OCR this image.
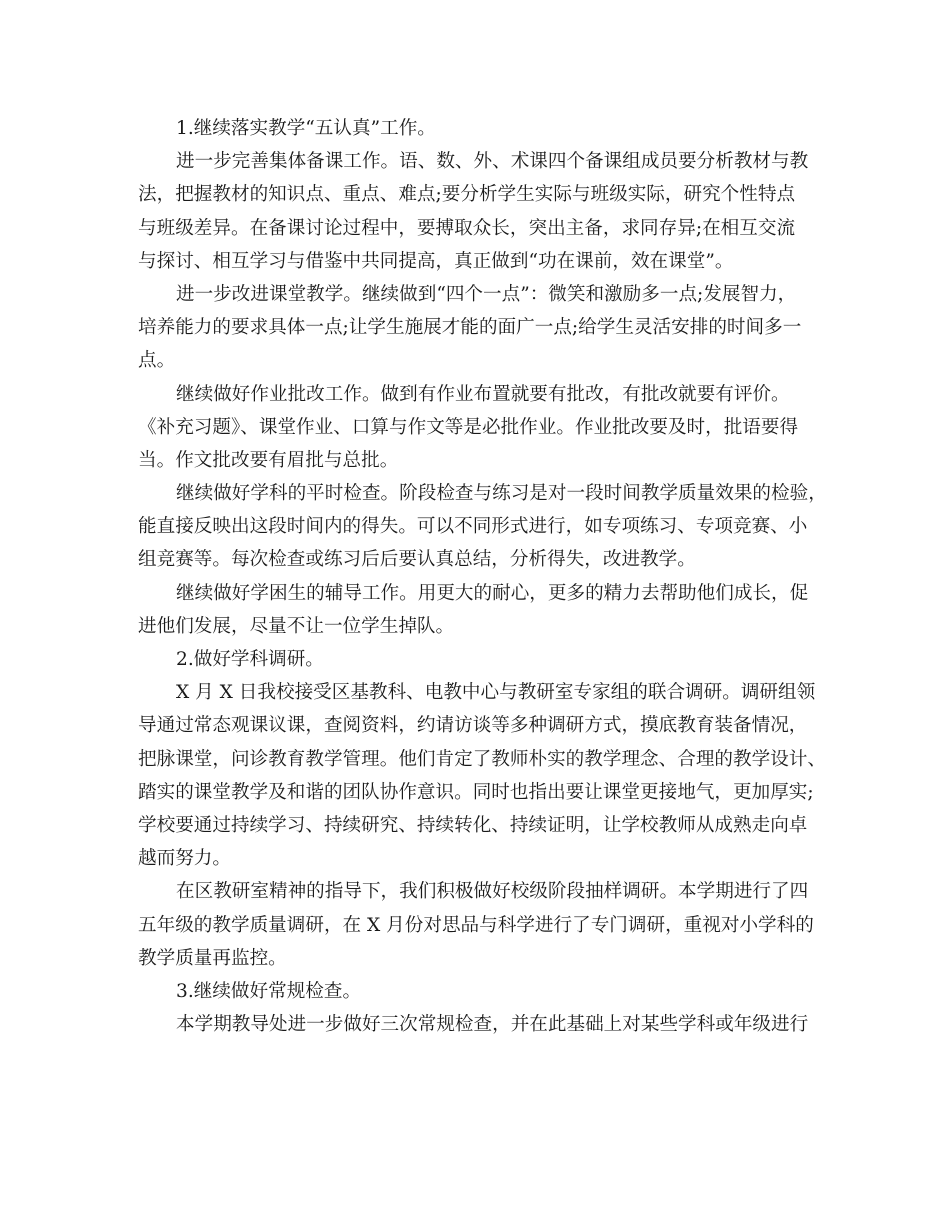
1.继续落实教学“五认真”工作。
进一步完善集体备课工作。语、数、外、术课四个备课组成员要分析教材与教
法，把握教材的知识点、重点、难点;要分析学生实际与班级实际，研究个性特点
与班级差异。在备课讨论过程中，要搏取众长，突出主备，求同存异;在相互交流
与探讨、相互学习与借鉴中共同提高，真正做到“功在课前，效在课堂”。
进一步改进课堂教学。继续做到“四个一点”：微笑和激励多一点;发展智力，
培养能力的要求具体一点;让学生施展才能的面广一点;给学生灵活安排的时间多一
点。
继续做好作业批改工作。做到有作业布置就要有批改，有批改就要有评价。
《补充习题》、课堂作业、口算与作文等是必批作业。作业批改要及时，批语要得
当。作文批改要有眉批与总批。
继续做好学科的平时检查。阶段检查与练习是对一段时间教学质量效果的检验，
能直接反映出这段时间内的得失。可以不同形式进行，如专项练习、专项竞赛、小
组竞赛等。每次检查或练习后后要认真总结，分析得失，改进教学。
继续做好学困生的辅导工作。用更大的耐心，更多的精力去帮助他们成长，促
进他们发展，尽量不让一位学生掉队。
2.做好学科调研。
X 月 X 日我校接受区基教科、电教中心与教研室专家组的联合调研。调研组领
导通过常态观课议课，查阅资料，约请访谈等多种调研方式，摸底教育装备情况，
把脉课堂，问诊教育教学管理。他们肯定了教师朴实的教学理念、合理的教学设计、
踏实的课堂教学及和谐的团队协作意识。同时也指出要让课堂更接地气，更加厚实;
学校要通过持续学习、持续研究、持续转化、持续证明，让学校教师从成熟走向卓
越而努力。
在区教研室精神的指导下，我们积极做好校级阶段抽样调研。本学期进行了四
五年级的教学质量调研，在 X 月份对思品与科学进行了专门调研，重视对小学科的
教学质量再监控。
3.继续做好常规检查。
本学期教导处进一步做好三次常规检查，并在此基础上对某些学科或年级进行
